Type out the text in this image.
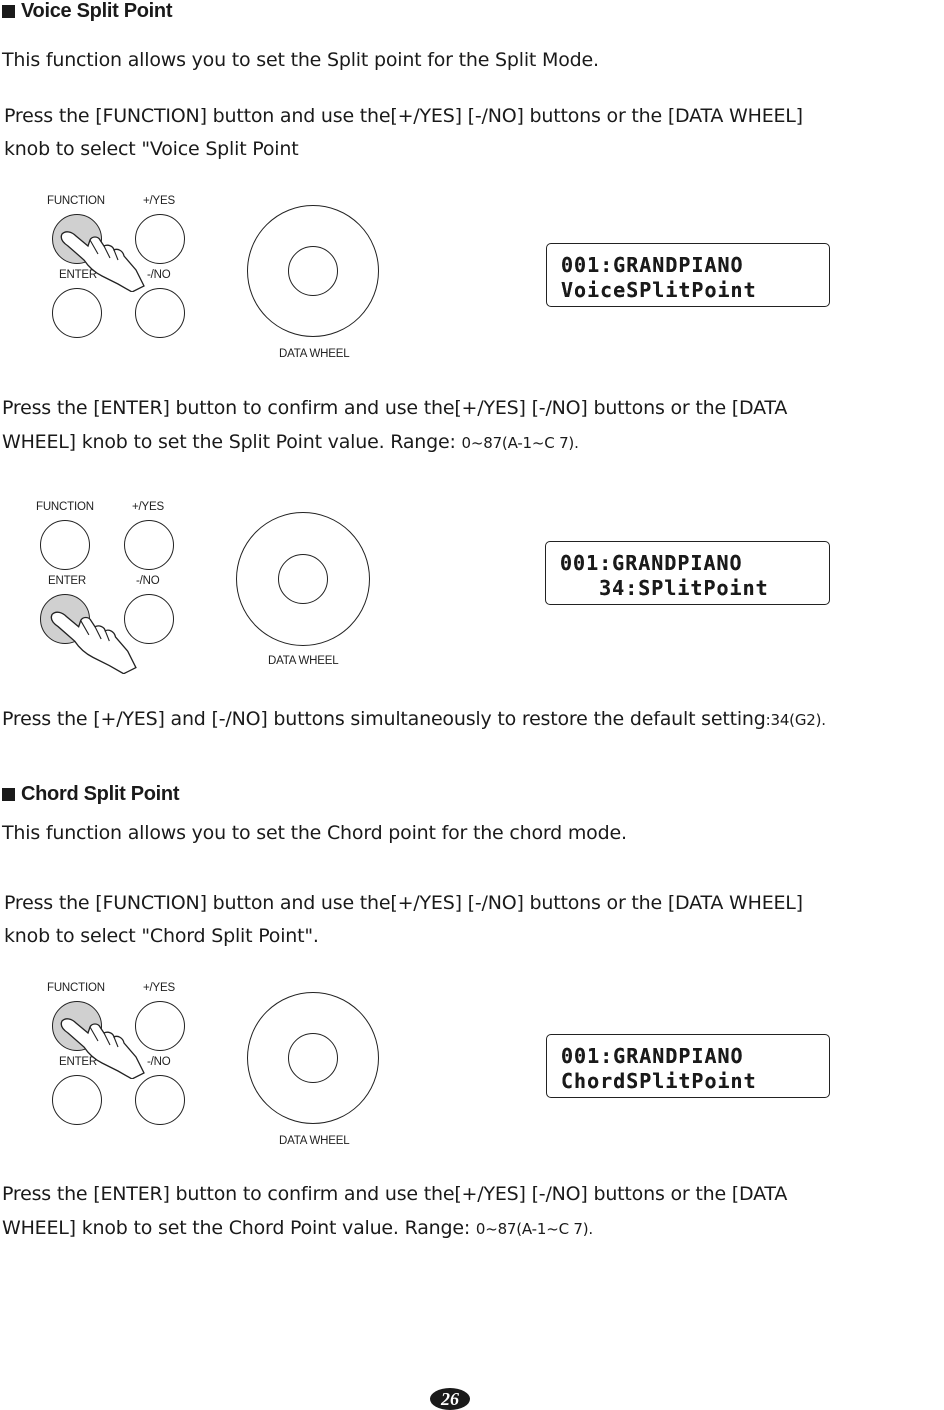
Voice Split Point
This function allows you to set the Split point for the Split Mode.
Press the [FUNCTION] button and use the[+/YES] [-/NO] buttons or the [DATA WHEEL]
knob to select "Voice Split Point
FUNCTION	+/YES
ENTER	-/NO
DATA WHEEL
001:GRANDPIANO
VoiceSPlitPoint
Press the [ENTER] button to confirm and use the[+/YES] [-/NO] buttons or the [DATA
WHEEL] knob to set the Split Point value. Range: 0~87(A-1~C 7).
FUNCTION	+/YES
ENTER	-/NO
DATA WHEEL
001:GRANDPIANO
34:SPlitPoint
Press the [+/YES] and [-/NO] buttons simultaneously to restore the default setting:34(G2).
Chord Split Point
This function allows you to set the Chord point for the chord mode.
Press the [FUNCTION] button and use the[+/YES] [-/NO] buttons or the [DATA WHEEL]
knob to select "Chord Split Point".
FUNCTION	+/YES
ENTER	-/NO
DATA WHEEL
001:GRANDPIANO
ChordSPlitPoint
Press the [ENTER] button to confirm and use the[+/YES] [-/NO] buttons or the [DATA
WHEEL] knob to set the Chord Point value. Range: 0~87(A-1~C 7).
26
